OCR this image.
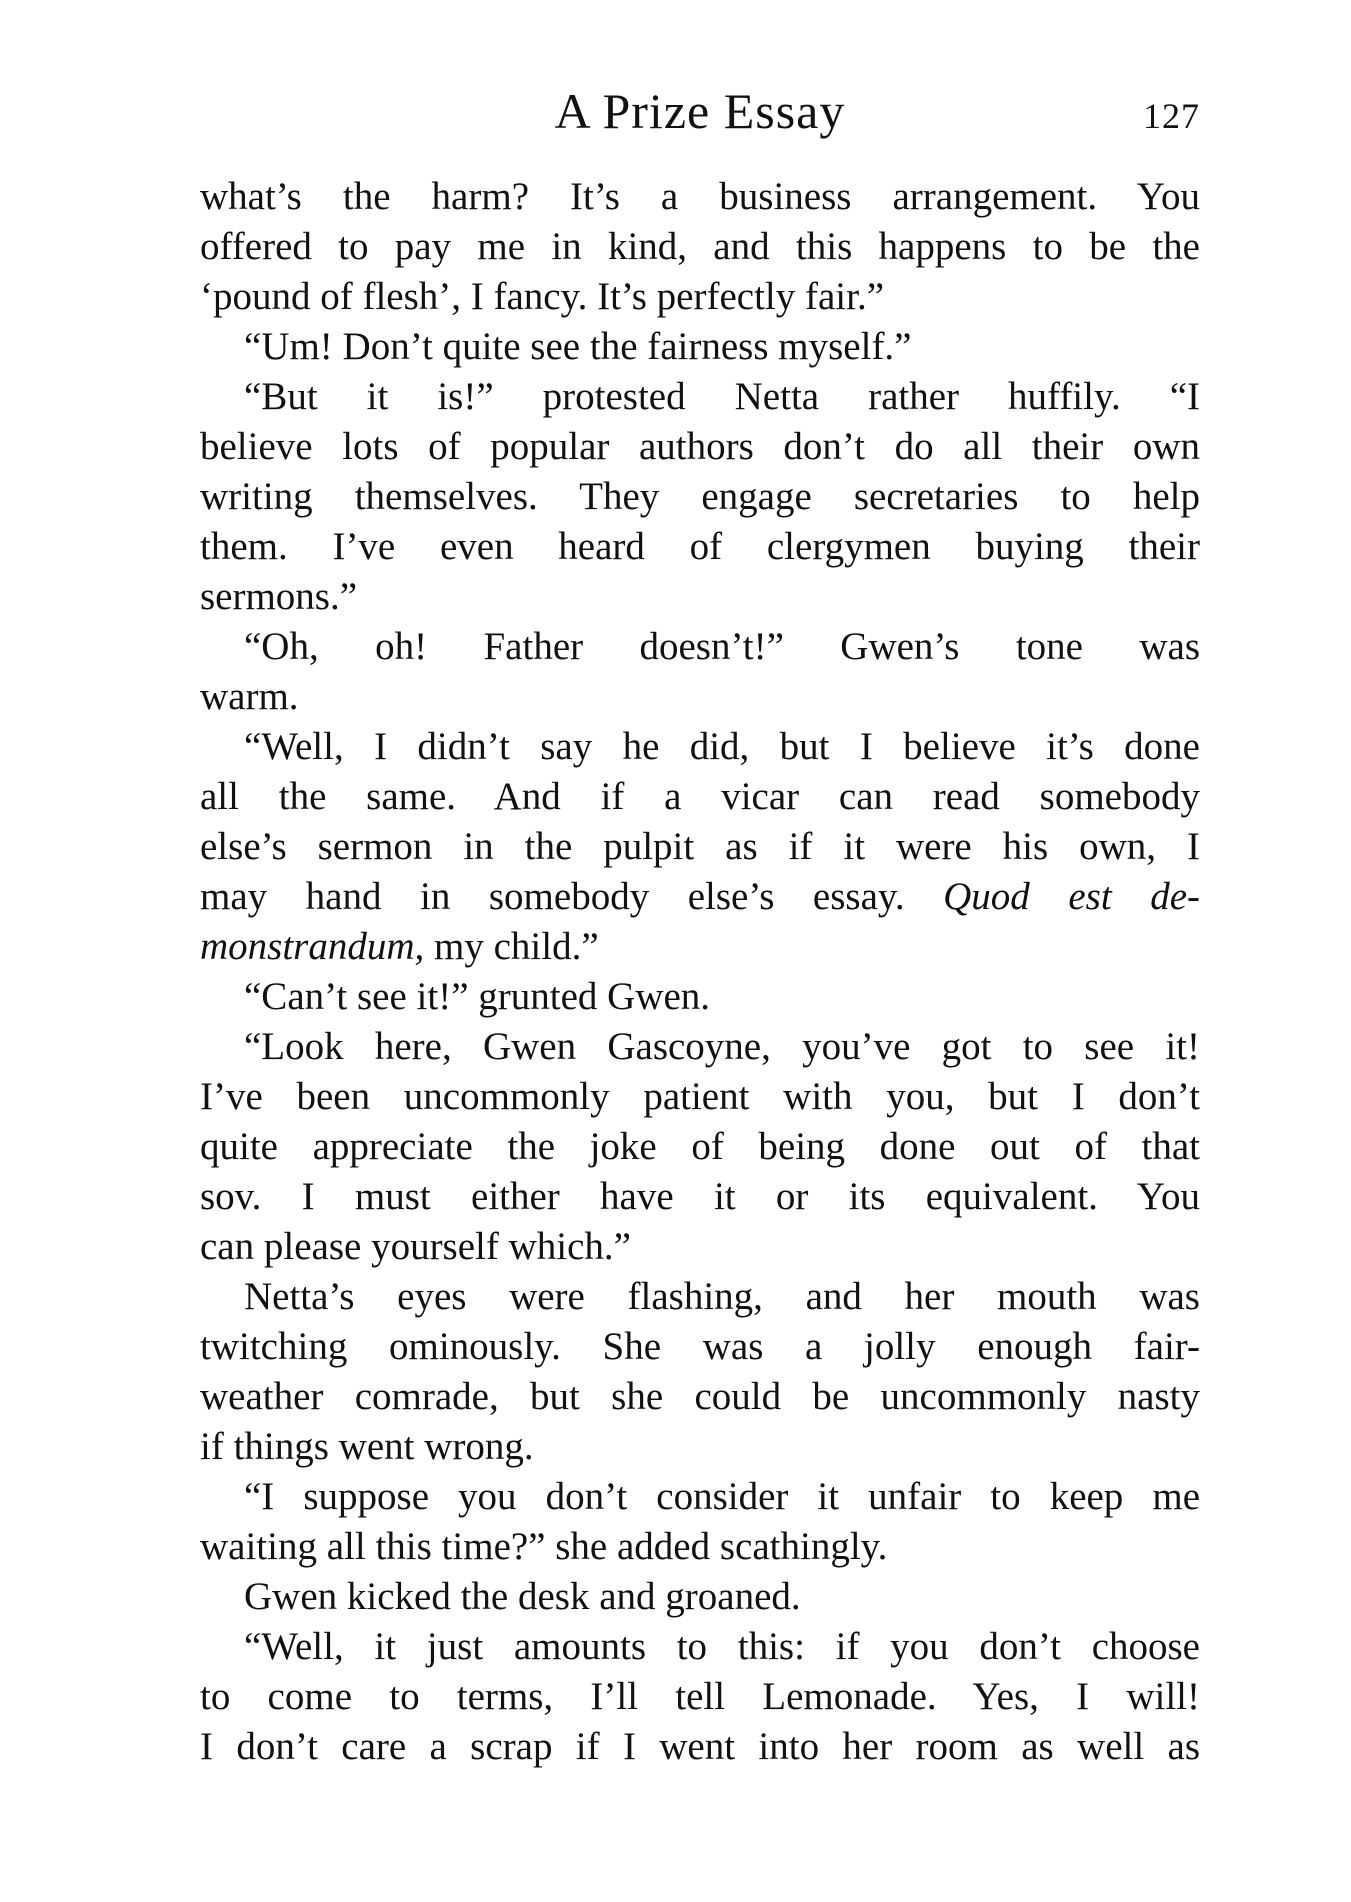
A Prize Essay	127
what’s the harm? It’s a business arrangement. You
offered to pay me in kind, and this happens to be the
‘pound of flesh’, I fancy. It’s perfectly fair.”
“Um! Don’t quite see the fairness myself.”
“But it is!” protested Netta rather huffily. “I
believe lots of popular authors don’t do all their own
writing themselves. They engage secretaries to help
them. I’ve even heard of clergymen buying their
sermons.”
“Oh, oh! Father doesn’t!” Gwen’s tone was
warm.
“Well, I didn’t say he did, but I believe it’s done
all the same. And if a vicar can read somebody
else’s sermon in the pulpit as if it were his own, I
may hand in somebody else’s essay. Quod est de-
monstrandum, my child.”
“Can’t see it!” grunted Gwen.
“Look here, Gwen Gascoyne, you’ve got to see it!
I’ve been uncommonly patient with you, but I don’t
quite appreciate the joke of being done out of that
sov. I must either have it or its equivalent. You
can please yourself which.”
Netta’s eyes were flashing, and her mouth was
twitching ominously. She was a jolly enough fair-
weather comrade, but she could be uncommonly nasty
if things went wrong.
“I suppose you don’t consider it unfair to keep me
waiting all this time?” she added scathingly.
Gwen kicked the desk and groaned.
“Well, it just amounts to this: if you don’t choose
to come to terms, I’ll tell Lemonade. Yes, I will!
I don’t care a scrap if I went into her room as well as
